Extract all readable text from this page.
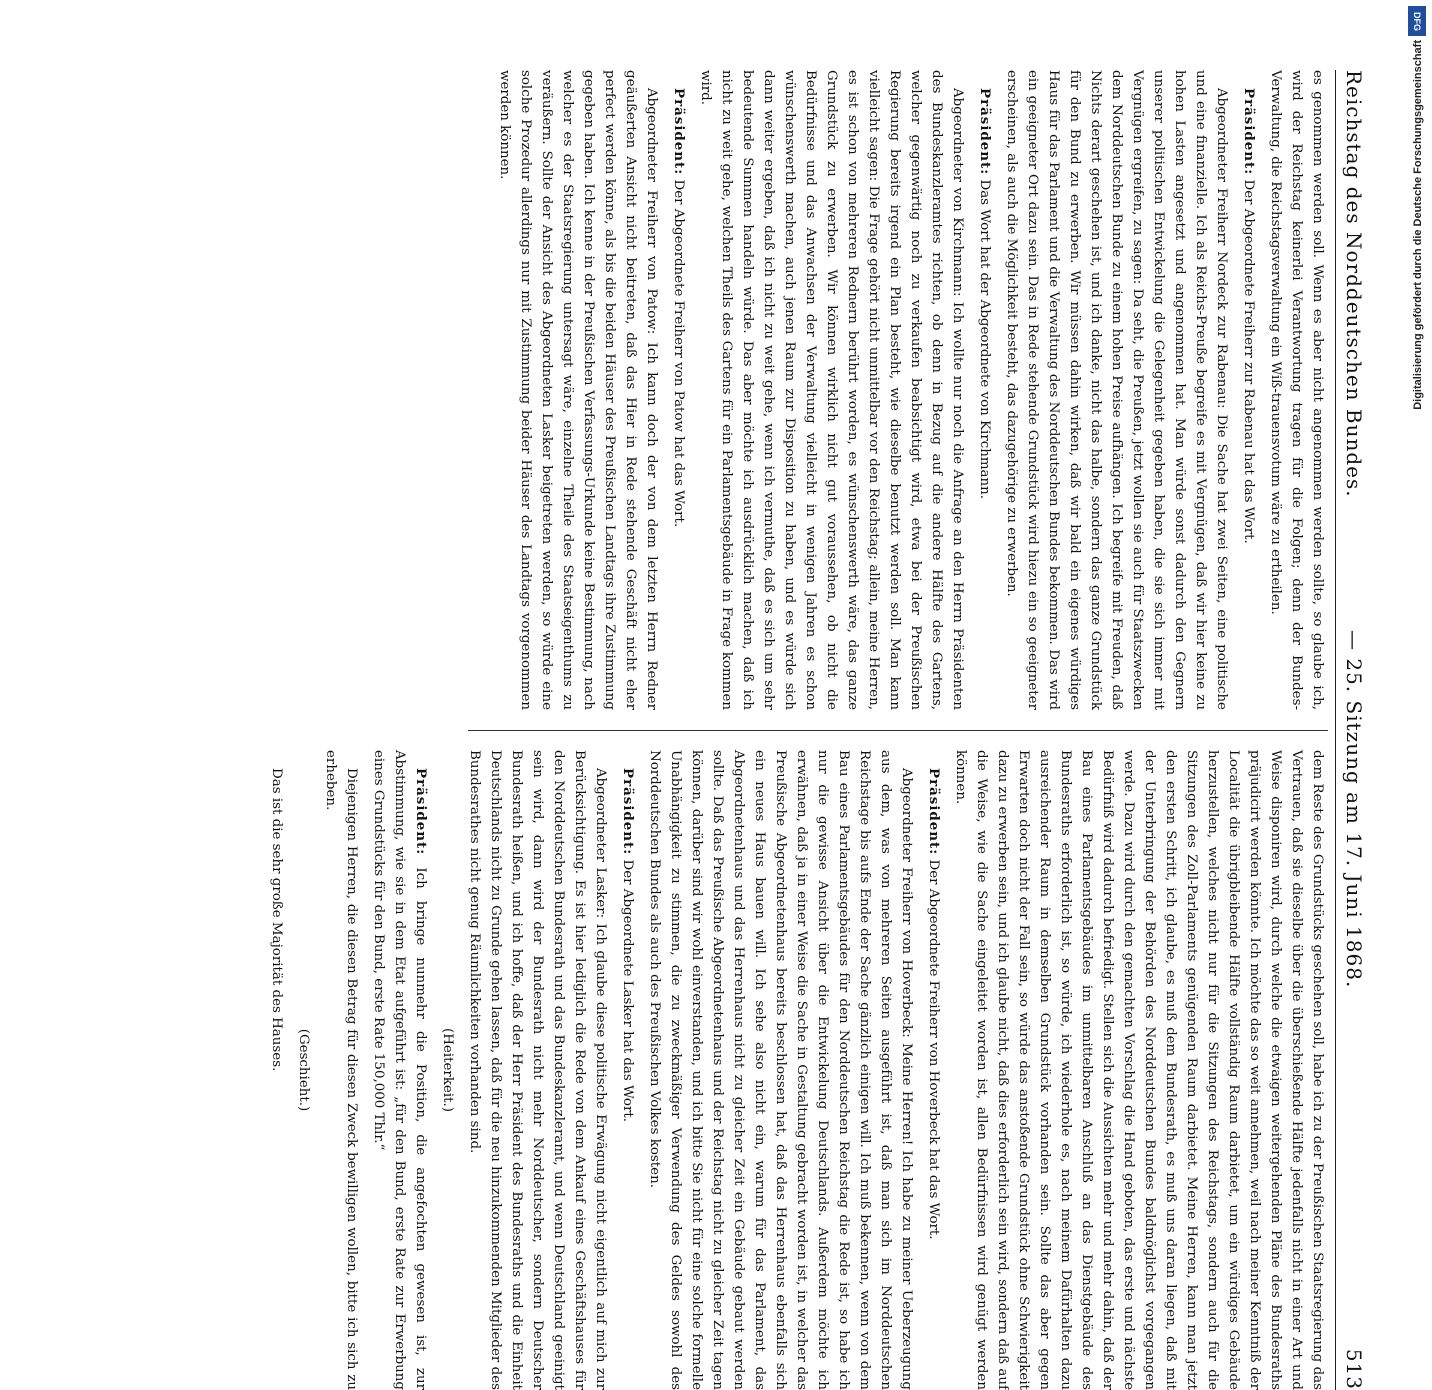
Reichstag des Norddeutschen Bundes.
— 25. Sitzung am 17. Juni 1868.
513

es genommen werden soll. Wenn es aber nicht angenommen werden sollte, so glaube ich, wird der Reichstag keinerlei Verantwortung tragen für die Folgen; denn der Bundes-Verwaltung, die Reichstagsverwaltung ein Wiß-trauensvotum wäre zu ertheilen.

Präsident: Der Abgeordnete Freiherr zur Rabenau hat das Wort.

Abgeordneter Freiherr Nordeck zur Rabenau: Die Sache hat zwei Seiten, eine politische und eine finanzielle. Ich als Reichs-Preuße begreife es mit Vergnügen, daß wir hier keine zu hohen Lasten angesetzt und angenommen hat. Man würde sonst dadurch den Gegnern unserer politischen Entwickelung die Gelegenheit gegeben haben, die sie sich immer mit Vergnügen ergreifen, zu sagen: Da seht, die Preußen, jetzt wollen sie auch für Staatszwecken dem Norddeutschen Bunde zu einem hohen Preise aufhängen. Ich begreife mit Freuden, daß Nichts derart geschehen ist, und ich danke, nicht das halbe, sondern das ganze Grundstück für den Bund zu erwerben. Wir müssen dahin wirken, daß wir bald ein eigenes würdiges Haus für das Parlament und die Verwaltung des Norddeutschen Bundes bekommen. Das wird ein geeigneter Ort dazu sein. Das in Rede stehende Grundstück wird hiezu ein so geeigneter erscheinen, als auch die Möglichkeit besteht, das dazugehörige zu erwerben.

Präsident: Das Wort hat der Abgeordnete von Kirchmann.

Abgeordneter von Kirchmann: Ich wollte nur noch die Anfrage an den Herrn Präsidenten des Bundeskanzleramtes richten, ob denn in Bezug auf die andere Hälfte des Gartens, welcher gegenwärtig noch zu verkaufen beabsichtigt wird, etwa bei der Preußischen Regierung bereits irgend ein Plan besteht, wie dieselbe benutzt werden soll. Man kann vielleicht sagen: Die Frage gehört nicht unmittelbar vor den Reichstag; allein, meine Herren, es ist schon von mehreren Rednern berührt worden, es wünschenswerth wäre, das ganze Grundstück zu erwerben. Wir können wirklich nicht gut voraussehen, ob nicht die Bedürfnisse und das Anwachsen der Verwaltung vielleicht in wenigen Jahren es schon wünschenswerth machen, auch jenen Raum zur Disposition zu haben, und es würde sich dann weiter ergeben, daß ich nicht zu weit gehe, wenn ich vermuthe, daß es sich um sehr bedeutende Summen handeln würde. Das aber möchte ich ausdrücklich machen, daß ich nicht zu weit gehe, welchen Theils des Gartens für ein Parlamentsgebäude in Frage kommen wird.

Präsident: Der Abgeordnete Freiherr von Patow hat das Wort.

Abgeordneter Freiherr von Patow: Ich kann doch der von dem letzten Herrn Redner geäußerten Ansicht nicht beitreten, daß das Hier in Rede stehende Geschäft nicht eher perfect werden könne, als bis die beiden Häuser des Preußischen Landtags ihre Zustimmung gegeben haben. Ich kenne in der Preußischen Verfassungs-Urkunde keine Bestimmung, nach welcher es der Staatsregierung untersagt wäre, einzelne Theile des Staatseigenthums zu veräußern. Sollte der Ansicht des Abgeordneten Lasker beigetreten werden, so würde eine solche Prozedur allerdings nur mit Zustimmung beider Häuser des Landtags vorgenommen werden können.

dem Reste des Grundstücks geschehen soll, habe ich zu der Preußischen Staatsregierung das Vertrauen, daß sie dieselbe über die überschießende Hälfte jedenfalls nicht in einer Art und Weise disponiren wird, durch welche die etwaigen weitergehenden Pläne des Bundesraths präjudicirt werden könnte. Ich möchte das so weit annehmen, weil nach meiner Kenntniß der Localität die übrigbleibende Hälfte vollständig Raum darbietet, um ein würdiges Gebäude herzustellen, welches nicht nur für die Sitzungen des Reichstags, sondern auch für die Sitzungen des Zoll-Parlaments genügenden Raum darbietet. Meine Herren, kann man jetzt den ersten Schritt, ich glaube, es muß dem Bundesrath, es muß uns daran liegen, daß mit der Unterbringung der Behörden des Norddeutschen Bundes baldmöglichst vorgegangen werde. Dazu wird durch den gemachten Vorschlag die Hand geboten, das erste und nächste Bedürfniß wird dadurch befriedigt. Stellen sich die Aussichten mehr und mehr dahin, daß der Bau eines Parlamentsgebäudes im unmittelbaren Anschluß an das Dienstgebäude des Bundesraths erforderlich ist, so würde, ich wiederhole es, nach meinem Dafürhalten dazu ausreichender Raum in demselben Grundstück vorhanden sein. Sollte das aber gegen Erwarten doch nicht der Fall sein, so würde das anstoßende Grundstück ohne Schwierigkeit dazu zu erwerben sein, und ich glaube nicht, daß dies erforderlich sein wird, sondern daß auf die Weise, wie die Sache eingeleitet worden ist, allen Bedürfnissen wird genügt werden können.

Präsident: Der Abgeordnete Freiherr von Hoverbeck hat das Wort.

Abgeordneter Freiherr von Hoverbeck: Meine Herren! Ich habe zu meiner Ueberzeugung aus dem, was von mehreren Seiten ausgeführt ist, daß man sich im Norddeutschen Reichstage bis aufs Ende der Sache gänzlich einigen will. Ich muß bekennen, wenn von dem Bau eines Parlamentsgebäudes für den Norddeutschen Reichstag die Rede ist, so habe ich nur die gewisse Ansicht über die Entwickelung Deutschlands. Außerdem möchte ich erwähnen, daß ja in einer Weise die Sache in Gestaltung gebracht worden ist, in welcher das Preußische Abgeordnetenhaus bereits beschlossen hat, daß das Herrenhaus ebenfalls sich ein neues Haus bauen will. Ich sehe also nicht ein, warum für das Parlament, das Abgeordnetenhaus und das Herrenhaus nicht zu gleicher Zeit ein Gebäude gebaut werden sollte. Daß das Preußische Abgeordnetenhaus und der Reichstag nicht zu gleicher Zeit tagen können, darüber sind wir wohl einverstanden, und ich bitte Sie nicht für eine solche formelle Unabhängigkeit zu stimmen, die zu zweckmäßiger Verwendung des Geldes sowohl des Norddeutschen Bundes als auch des Preußischen Volkes kosten.

Präsident: Der Abgeordnete Lasker hat das Wort.

Abgeordneter Lasker: Ich glaube diese politische Erwägung nicht eigentlich auf mich zur Berücksichtigung. Es ist hier lediglich die Rede von dem Ankauf eines Geschäftshauses für den Norddeutschen Bundesrath und das Bundeskanzleramt, und wenn Deutschland geeinigt sein wird, dann wird der Bundesrath nicht mehr Norddeutscher, sondern Deutscher Bundesrath heißen, und ich hoffe, daß der Herr Präsident des Bundesraths und die Einheit Deutschlands nicht zu Grunde gehen lassen, daß für die neu hinzukommenden Mitglieder des Bundesrathes nicht genug Räumlichkeiten vorhanden sind.

(Heiterkeit.)

Präsident: Ich bringe nunmehr die Position, die angefochten gewesen ist, zur Abstimmung, wie sie in dem Etat aufgeführt ist: „für den Bund, erste Rate zur Erwerbung eines Grundstücks für den Bund, erste Rate 150,000 Thlr.“

Diejenigen Herren, die diesen Betrag für diesen Zweck bewilligen wollen, bitte ich sich zu erheben.

(Geschieht.)

Das ist die sehr große Majorität des Hauses.

DFG
Digitalisierung gefördert durch die Deutsche Forschungsgemeinschaft
